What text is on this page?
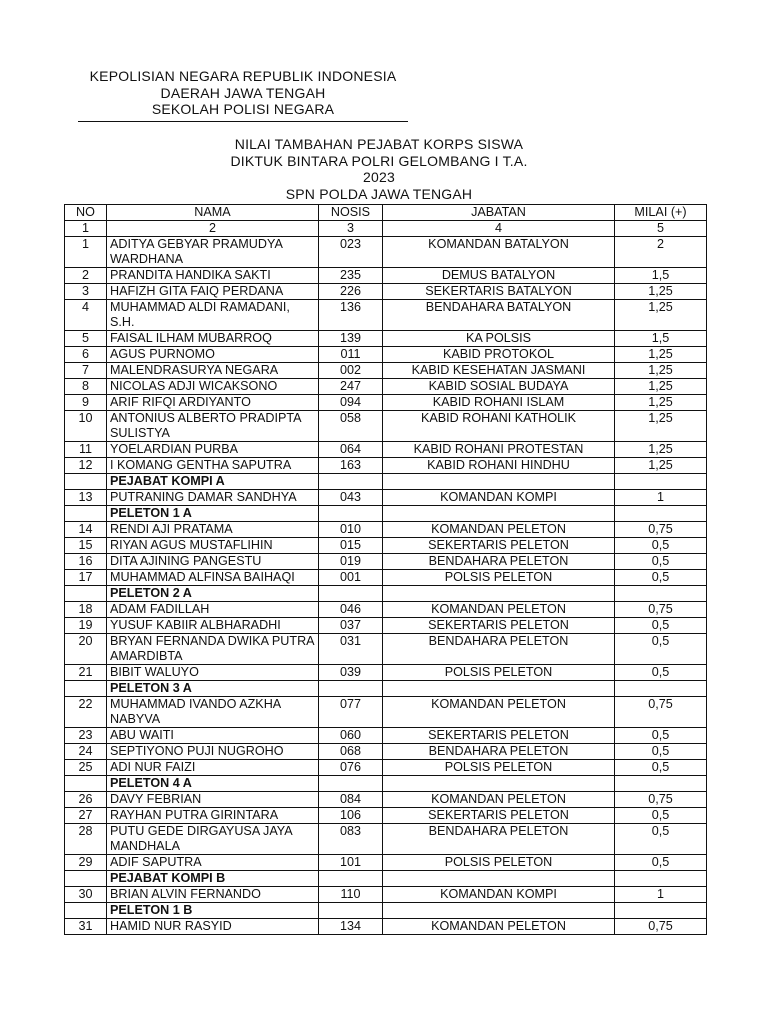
KEPOLISIAN NEGARA REPUBLIK INDONESIA
DAERAH JAWA TENGAH
SEKOLAH POLISI NEGARA
NILAI TAMBAHAN PEJABAT KORPS SISWA
DIKTUK BINTARA POLRI GELOMBANG I T.A. 2023
SPN POLDA JAWA TENGAH
NO	NAMA	NOSIS	JABATAN	MILAI (+)
1	2	3	4	5
1	ADITYA GEBYAR PRAMUDYA WARDHANA	023	KOMANDAN BATALYON	2
2	PRANDITA HANDIKA SAKTI	235	DEMUS BATALYON	1,5
3	HAFIZH GITA FAIQ PERDANA	226	SEKERTARIS BATALYON	1,25
4	MUHAMMAD ALDI RAMADANI, S.H.	136	BENDAHARA BATALYON	1,25
5	FAISAL ILHAM MUBARROQ	139	KA POLSIS	1,5
6	AGUS PURNOMO	011	KABID PROTOKOL	1,25
7	MALENDRASURYA NEGARA	002	KABID KESEHATAN JASMANI	1,25
8	NICOLAS ADJI WICAKSONO	247	KABID SOSIAL BUDAYA	1,25
9	ARIF RIFQI ARDIYANTO	094	KABID ROHANI ISLAM	1,25
10	ANTONIUS ALBERTO PRADIPTA SULISTYA	058	KABID ROHANI KATHOLIK	1,25
11	YOELARDIAN PURBA	064	KABID ROHANI PROTESTAN	1,25
12	I KOMANG GENTHA SAPUTRA	163	KABID ROHANI HINDHU	1,25
	PEJABAT KOMPI A			
13	PUTRANING DAMAR SANDHYA	043	KOMANDAN KOMPI	1
	PELETON 1 A			
14	RENDI AJI PRATAMA	010	KOMANDAN PELETON	0,75
15	RIYAN AGUS MUSTAFLIHIN	015	SEKERTARIS PELETON	0,5
16	DITA AJINING PANGESTU	019	BENDAHARA PELETON	0,5
17	MUHAMMAD ALFINSA BAIHAQI	001	POLSIS PELETON	0,5
	PELETON 2 A			
18	ADAM FADILLAH	046	KOMANDAN PELETON	0,75
19	YUSUF KABIIR ALBHARADHI	037	SEKERTARIS PELETON	0,5
20	BRYAN FERNANDA DWIKA PUTRA AMARDIBTA	031	BENDAHARA PELETON	0,5
21	BIBIT WALUYO	039	POLSIS PELETON	0,5
	PELETON 3 A			
22	MUHAMMAD IVANDO AZKHA NABYVA	077	KOMANDAN PELETON	0,75
23	ABU WAITI	060	SEKERTARIS PELETON	0,5
24	SEPTIYONO PUJI NUGROHO	068	BENDAHARA PELETON	0,5
25	ADI NUR FAIZI	076	POLSIS PELETON	0,5
	PELETON 4 A			
26	DAVY FEBRIAN	084	KOMANDAN PELETON	0,75
27	RAYHAN PUTRA GIRINTARA	106	SEKERTARIS PELETON	0,5
28	PUTU GEDE DIRGAYUSA JAYA MANDHALA	083	BENDAHARA PELETON	0,5
29	ADIF SAPUTRA	101	POLSIS PELETON	0,5
	PEJABAT KOMPI B			
30	BRIAN ALVIN FERNANDO	110	KOMANDAN KOMPI	1
	PELETON 1 B			
31	HAMID NUR RASYID	134	KOMANDAN PELETON	0,75
